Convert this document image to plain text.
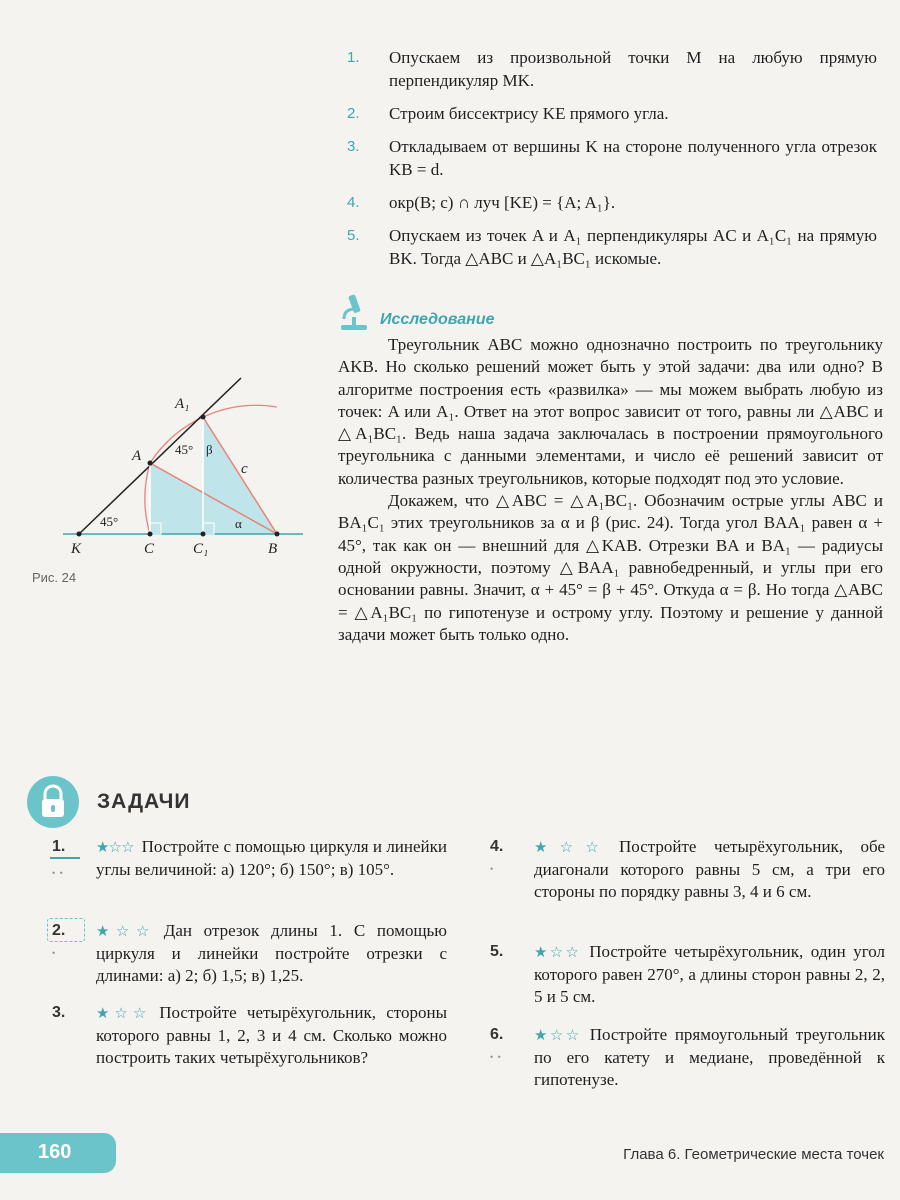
1.	Опускаем из произвольной точки M на любую прямую перпендикуляр MK.
2.	Строим биссектрису KE прямого угла.
3.	Откладываем от вершины K на стороне полученного угла отрезок KB = d.
4.	окр(B; c) ∩ луч [KE) = {A; A₁}.
5.	Опускаем из точек A и A₁ перпендикуляры AC и A₁C₁ на прямую BK. Тогда △ABC и △A₁BC₁ искомые.
Исследование

Треугольник ABC можно однозначно построить по треугольнику AKB. Но сколько решений может быть у этой задачи: два или одно? В алгоритме построения есть «развилка» — мы можем выбрать любую из точек: A или A₁. Ответ на этот вопрос зависит от того, равны ли △ABC и △A₁BC₁. Ведь наша задача заключалась в построении прямоугольного треугольника с данными элементами, и число её решений зависит от количества разных треугольников, которые подходят под это условие.

Докажем, что △ABC = △A₁BC₁. Обозначим острые углы ABC и BA₁C₁ этих треугольников за α и β (рис. 24). Тогда угол BAA₁ равен α + 45°, так как он — внешний для △KAB. Отрезки BA и BA₁ — радиусы одной окружности, поэтому △BAA₁ равнобедренный, и углы при его основании равны. Значит, α + 45° = β + 45°. Откуда α = β. Но тогда △ABC = △A₁BC₁ по гипотенузе и острому углу. Поэтому и решение у данной задачи может быть только одно.

A₁
A
K	C	C₁	B
c
β
α
45°
45°
Рис. 24
ЗАДАЧИ
1.
• •
★☆☆ Постройте с помощью циркуля и линейки углы величиной: а) 120°; б) 150°; в) 105°.
2.
•
★☆☆ Дан отрезок длины 1. С помощью циркуля и линейки постройте отрезки с длинами: а) 2; б) 1,5; в) 1,25.
3. ★☆☆ Постройте четырёхугольник, стороны которого равны 1, 2, 3 и 4 см. Сколько можно построить таких четырёхугольников?
4.
•
★☆☆ Постройте четырёхугольник, обе диагонали которого равны 5 см, а три его стороны по порядку равны 3, 4 и 6 см.
5. ★☆☆ Постройте четырёхугольник, один угол которого равен 270°, а длины сторон равны 2, 2, 5 и 5 см.
6.
• •
★☆☆ Постройте прямоугольный треугольник по его катету и медиане, проведённой к гипотенузе.
160	Глава 6. Геометрические места точек
